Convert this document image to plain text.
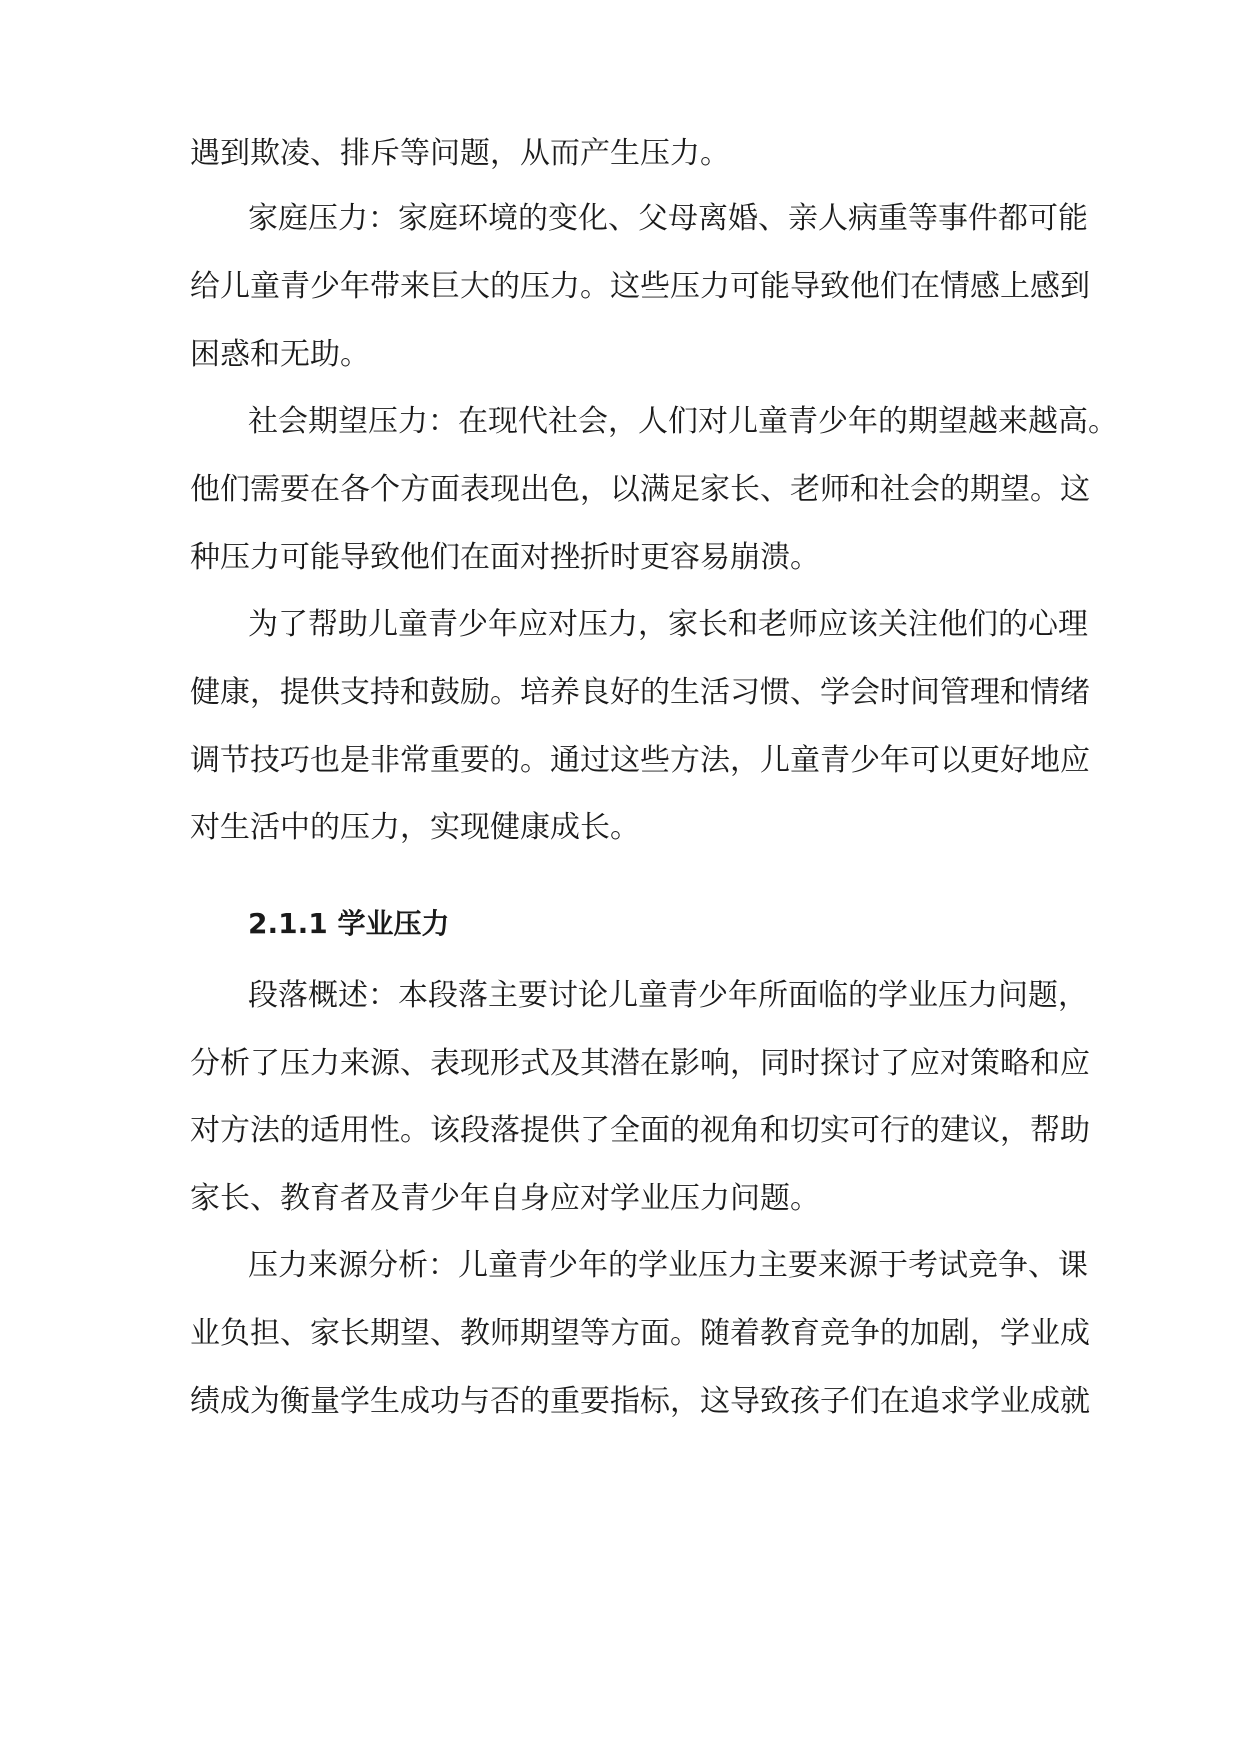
遇到欺凌、排斥等问题，从而产生压力。
家庭压力：家庭环境的变化、父母离婚、亲人病重等事件都可能
给儿童青少年带来巨大的压力。这些压力可能导致他们在情感上感到
困惑和无助。
社会期望压力：在现代社会，人们对儿童青少年的期望越来越高。
他们需要在各个方面表现出色，以满足家长、老师和社会的期望。这
种压力可能导致他们在面对挫折时更容易崩溃。
为了帮助儿童青少年应对压力，家长和老师应该关注他们的心理
健康，提供支持和鼓励。培养良好的生活习惯、学会时间管理和情绪
调节技巧也是非常重要的。通过这些方法，儿童青少年可以更好地应
对生活中的压力，实现健康成长。
2.1.1 学业压力
段落概述：本段落主要讨论儿童青少年所面临的学业压力问题，
分析了压力来源、表现形式及其潜在影响，同时探讨了应对策略和应
对方法的适用性。该段落提供了全面的视角和切实可行的建议，帮助
家长、教育者及青少年自身应对学业压力问题。
压力来源分析：儿童青少年的学业压力主要来源于考试竞争、课
业负担、家长期望、教师期望等方面。随着教育竞争的加剧，学业成
绩成为衡量学生成功与否的重要指标，这导致孩子们在追求学业成就
